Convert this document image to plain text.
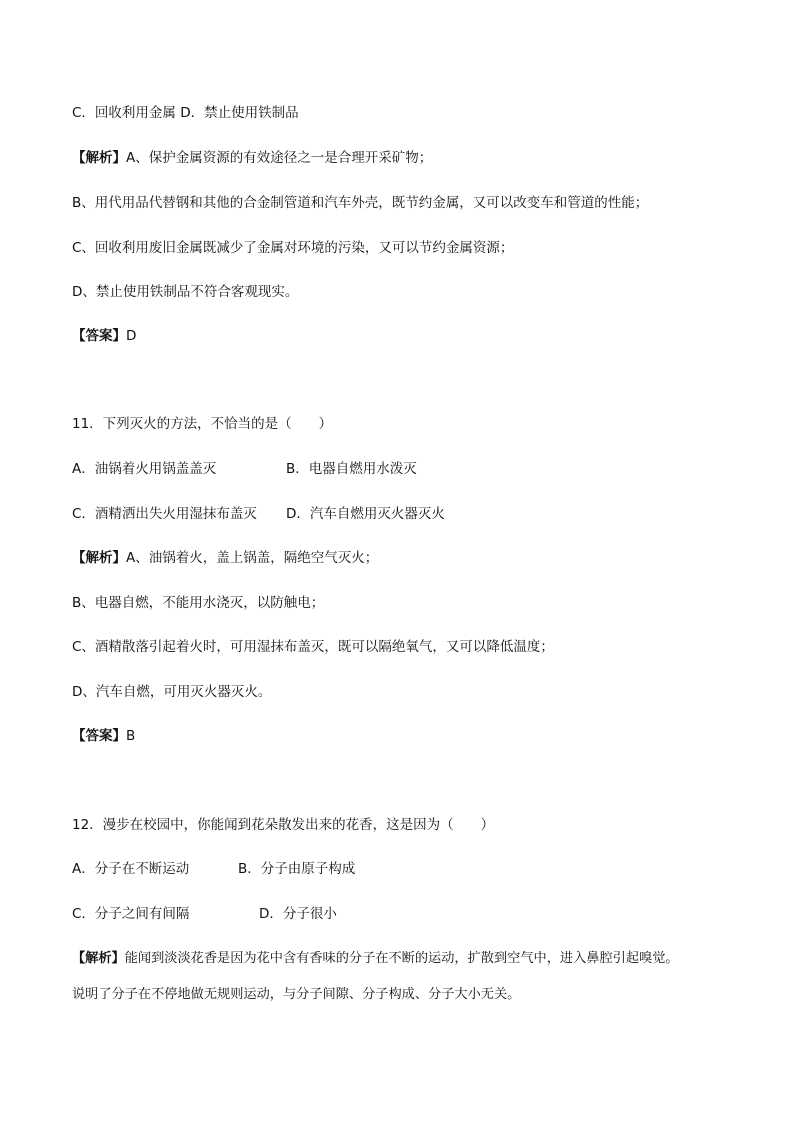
C．回收利用金属 D．禁止使用铁制品
【解析】A、保护金属资源的有效途径之一是合理开采矿物；
B、用代用品代替钢和其他的合金制管道和汽车外壳，既节约金属，又可以改变车和管道的性能；
C、回收利用废旧金属既减少了金属对环境的污染，又可以节约金属资源；
D、禁止使用铁制品不符合客观现实。
【答案】D
11．下列灭火的方法，不恰当的是（　　）
A．油锅着火用锅盖盖灭	B．电器自燃用水泼灭
C．酒精洒出失火用湿抹布盖灭 D．汽车自燃用灭火器灭火
【解析】A、油锅着火，盖上锅盖，隔绝空气灭火；
B、电器自燃，不能用水浇灭，以防触电；
C、酒精散落引起着火时，可用湿抹布盖灭，既可以隔绝氧气，又可以降低温度；
D、汽车自燃，可用灭火器灭火。
【答案】B
12．漫步在校园中，你能闻到花朵散发出来的花香，这是因为（　　）
A．分子在不断运动	B．分子由原子构成
C．分子之间有间隔	D．分子很小
【解析】能闻到淡淡花香是因为花中含有香味的分子在不断的运动，扩散到空气中，进入鼻腔引起嗅觉。
说明了分子在不停地做无规则运动，与分子间隙、分子构成、分子大小无关。
